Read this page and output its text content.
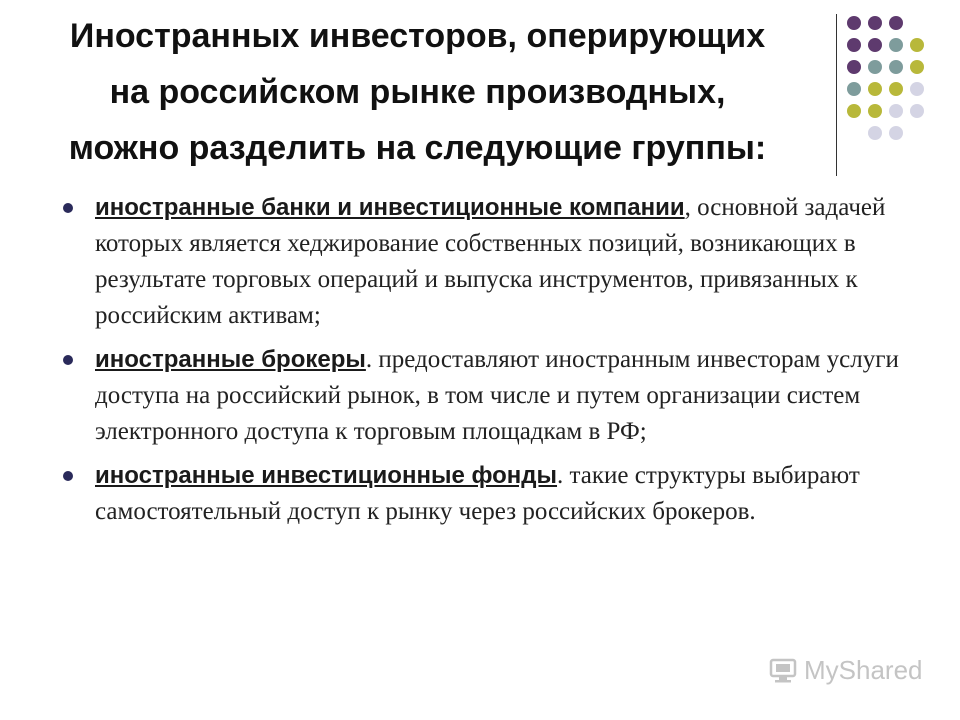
Иностранных инвесторов, оперирующих
на российском рынке производных,
можно разделить на следующие группы:
иностранные банки и инвестиционные компании, основной задачей которых является хеджирование собственных позиций, возникающих в результате торговых операций и выпуска инструментов, привязанных к российским активам;
иностранные брокеры. предоставляют иностранным инвесторам услуги доступа на российский рынок, в том числе и путем организации систем электронного доступа к торговым площадкам в РФ;
иностранные инвестиционные фонды. такие структуры выбирают самостоятельный доступ к рынку через российских брокеров.
MyShared
